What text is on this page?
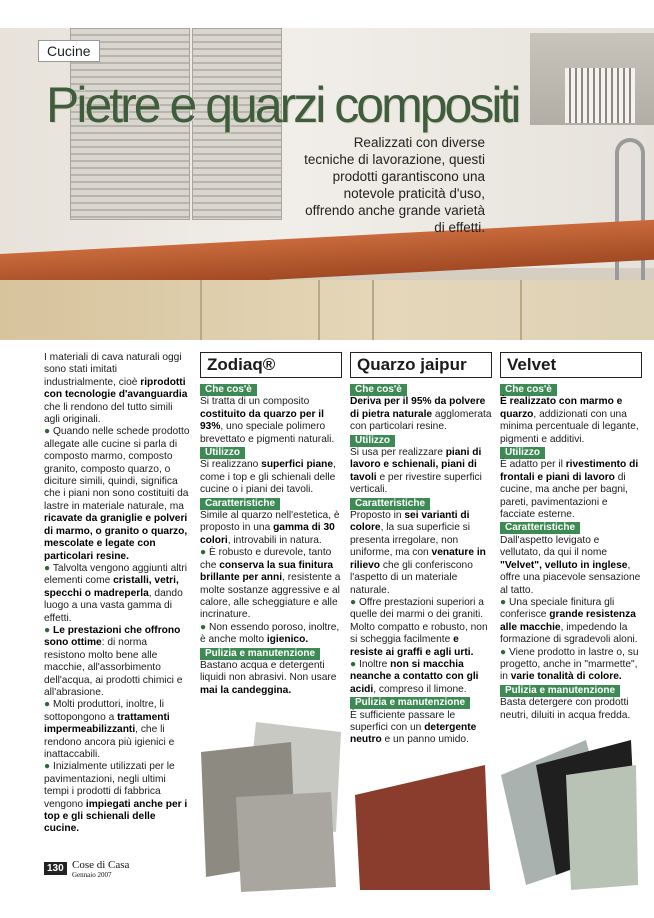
Cucine
Pietre e quarzi compositi
Realizzati con diverse tecniche di lavorazione, questi prodotti garantiscono una notevole praticità d'uso, offrendo anche grande varietà di effetti.

I materiali di cava naturali oggi sono stati imitati industrialmente, cioè riprodotti con tecnologie d'avanguardia che li rendono del tutto simili agli originali.

● Quando nelle schede prodotto allegate alle cucine si parla di composto marmo, composto granito, composto quarzo, o diciture simili, quindi, significa che i piani non sono costituiti da lastre in materiale naturale, ma ricavate da graniglie e polveri di marmo, o granito o quarzo, mescolate e legate con particolari resine.

● Talvolta vengono aggiunti altri elementi come cristalli, vetri, specchi o madreperla, dando luogo a una vasta gamma di effetti.

● Le prestazioni che offrono sono ottime: di norma resistono molto bene alle macchie, all'assorbimento dell'acqua, ai prodotti chimici e all'abrasione.

● Molti produttori, inoltre, li sottopongono a trattamenti impermeabilizzanti, che li rendono ancora più igienici e inattaccabili.

● Inizialmente utilizzati per le pavimentazioni, negli ultimi tempi i prodotti di fabbrica vengono impiegati anche per i top e gli schienali delle cucine.

Zodiaq®
Che cos'è

Si tratta di un composito costituito da quarzo per il 93%, uno speciale polimero brevettato e pigmenti naturali.

Utilizzo

Si realizzano superfici piane, come i top e gli schienali delle cucine o i piani dei tavoli.

Caratteristiche

Simile al quarzo nell'estetica, è proposto in una gamma di 30 colori, introvabili in natura.

● È robusto e durevole, tanto che conserva la sua finitura brillante per anni, resistente a molte sostanze aggressive e al calore, alle scheggiature e alle incrinature.

● Non essendo poroso, inoltre, è anche molto igienico.

Pulizia e manutenzione

Bastano acqua e detergenti liquidi non abrasivi. Non usare mai la candeggina.

Quarzo jaipur
Che cos'è

Deriva per il 95% da polvere di pietra naturale agglomerata con particolari resine.

Utilizzo

Si usa per realizzare piani di lavoro e schienali, piani di tavoli e per rivestire superfici verticali.

Caratteristiche

Proposto in sei varianti di colore, la sua superficie si presenta irregolare, non uniforme, ma con venature in rilievo che gli conferiscono l'aspetto di un materiale naturale.

● Offre prestazioni superiori a quelle dei marmi o dei graniti. Molto compatto e robusto, non si scheggia facilmente e resiste ai graffi e agli urti.

● Inoltre non si macchia neanche a contatto con gli acidi, compreso il limone.

Pulizia e manutenzione

È sufficiente passare le superfici con un detergente neutro e un panno umido.

Velvet
Che cos'è

È realizzato con marmo e quarzo, addizionati con una minima percentuale di legante, pigmenti e additivi.

Utilizzo

È adatto per il rivestimento di frontali e piani di lavoro di cucine, ma anche per bagni, pareti, pavimentazioni e facciate esterne.

Caratteristiche

Dall'aspetto levigato e vellutato, da qui il nome "Velvet", velluto in inglese, offre una piacevole sensazione al tatto.

● Una speciale finitura gli conferisce grande resistenza alle macchie, impedendo la formazione di sgradevoli aloni.

● Viene prodotto in lastre o, su progetto, anche in "marmette", in varie tonalità di colore.

Pulizia e manutenzione

Basta detergere con prodotti neutri, diluiti in acqua fredda.

130 Cose di Casa
Gennaio 2007
